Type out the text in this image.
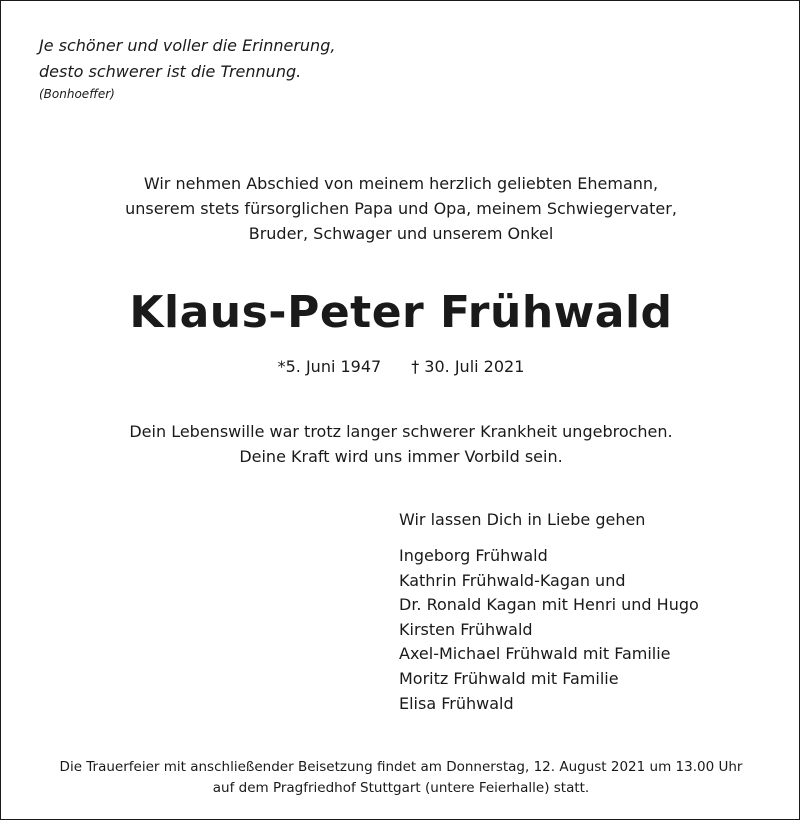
Je schöner und voller die Erinnerung,
desto schwerer ist die Trennung.
(Bonhoeffer)
Wir nehmen Abschied von meinem herzlich geliebten Ehemann,
unserem stets fürsorglichen Papa und Opa, meinem Schwiegervater,
Bruder, Schwager und unserem Onkel
Klaus-Peter Frühwald
*5. Juni 1947 † 30. Juli 2021
Dein Lebenswille war trotz langer schwerer Krankheit ungebrochen.
Deine Kraft wird uns immer Vorbild sein.
Wir lassen Dich in Liebe gehen
Ingeborg Frühwald
Kathrin Frühwald-Kagan und
Dr. Ronald Kagan mit Henri und Hugo
Kirsten Frühwald
Axel-Michael Frühwald mit Familie
Moritz Frühwald mit Familie
Elisa Frühwald
Die Trauerfeier mit anschließender Beisetzung findet am Donnerstag, 12. August 2021 um 13.00 Uhr
auf dem Pragfriedhof Stuttgart (untere Feierhalle) statt.
